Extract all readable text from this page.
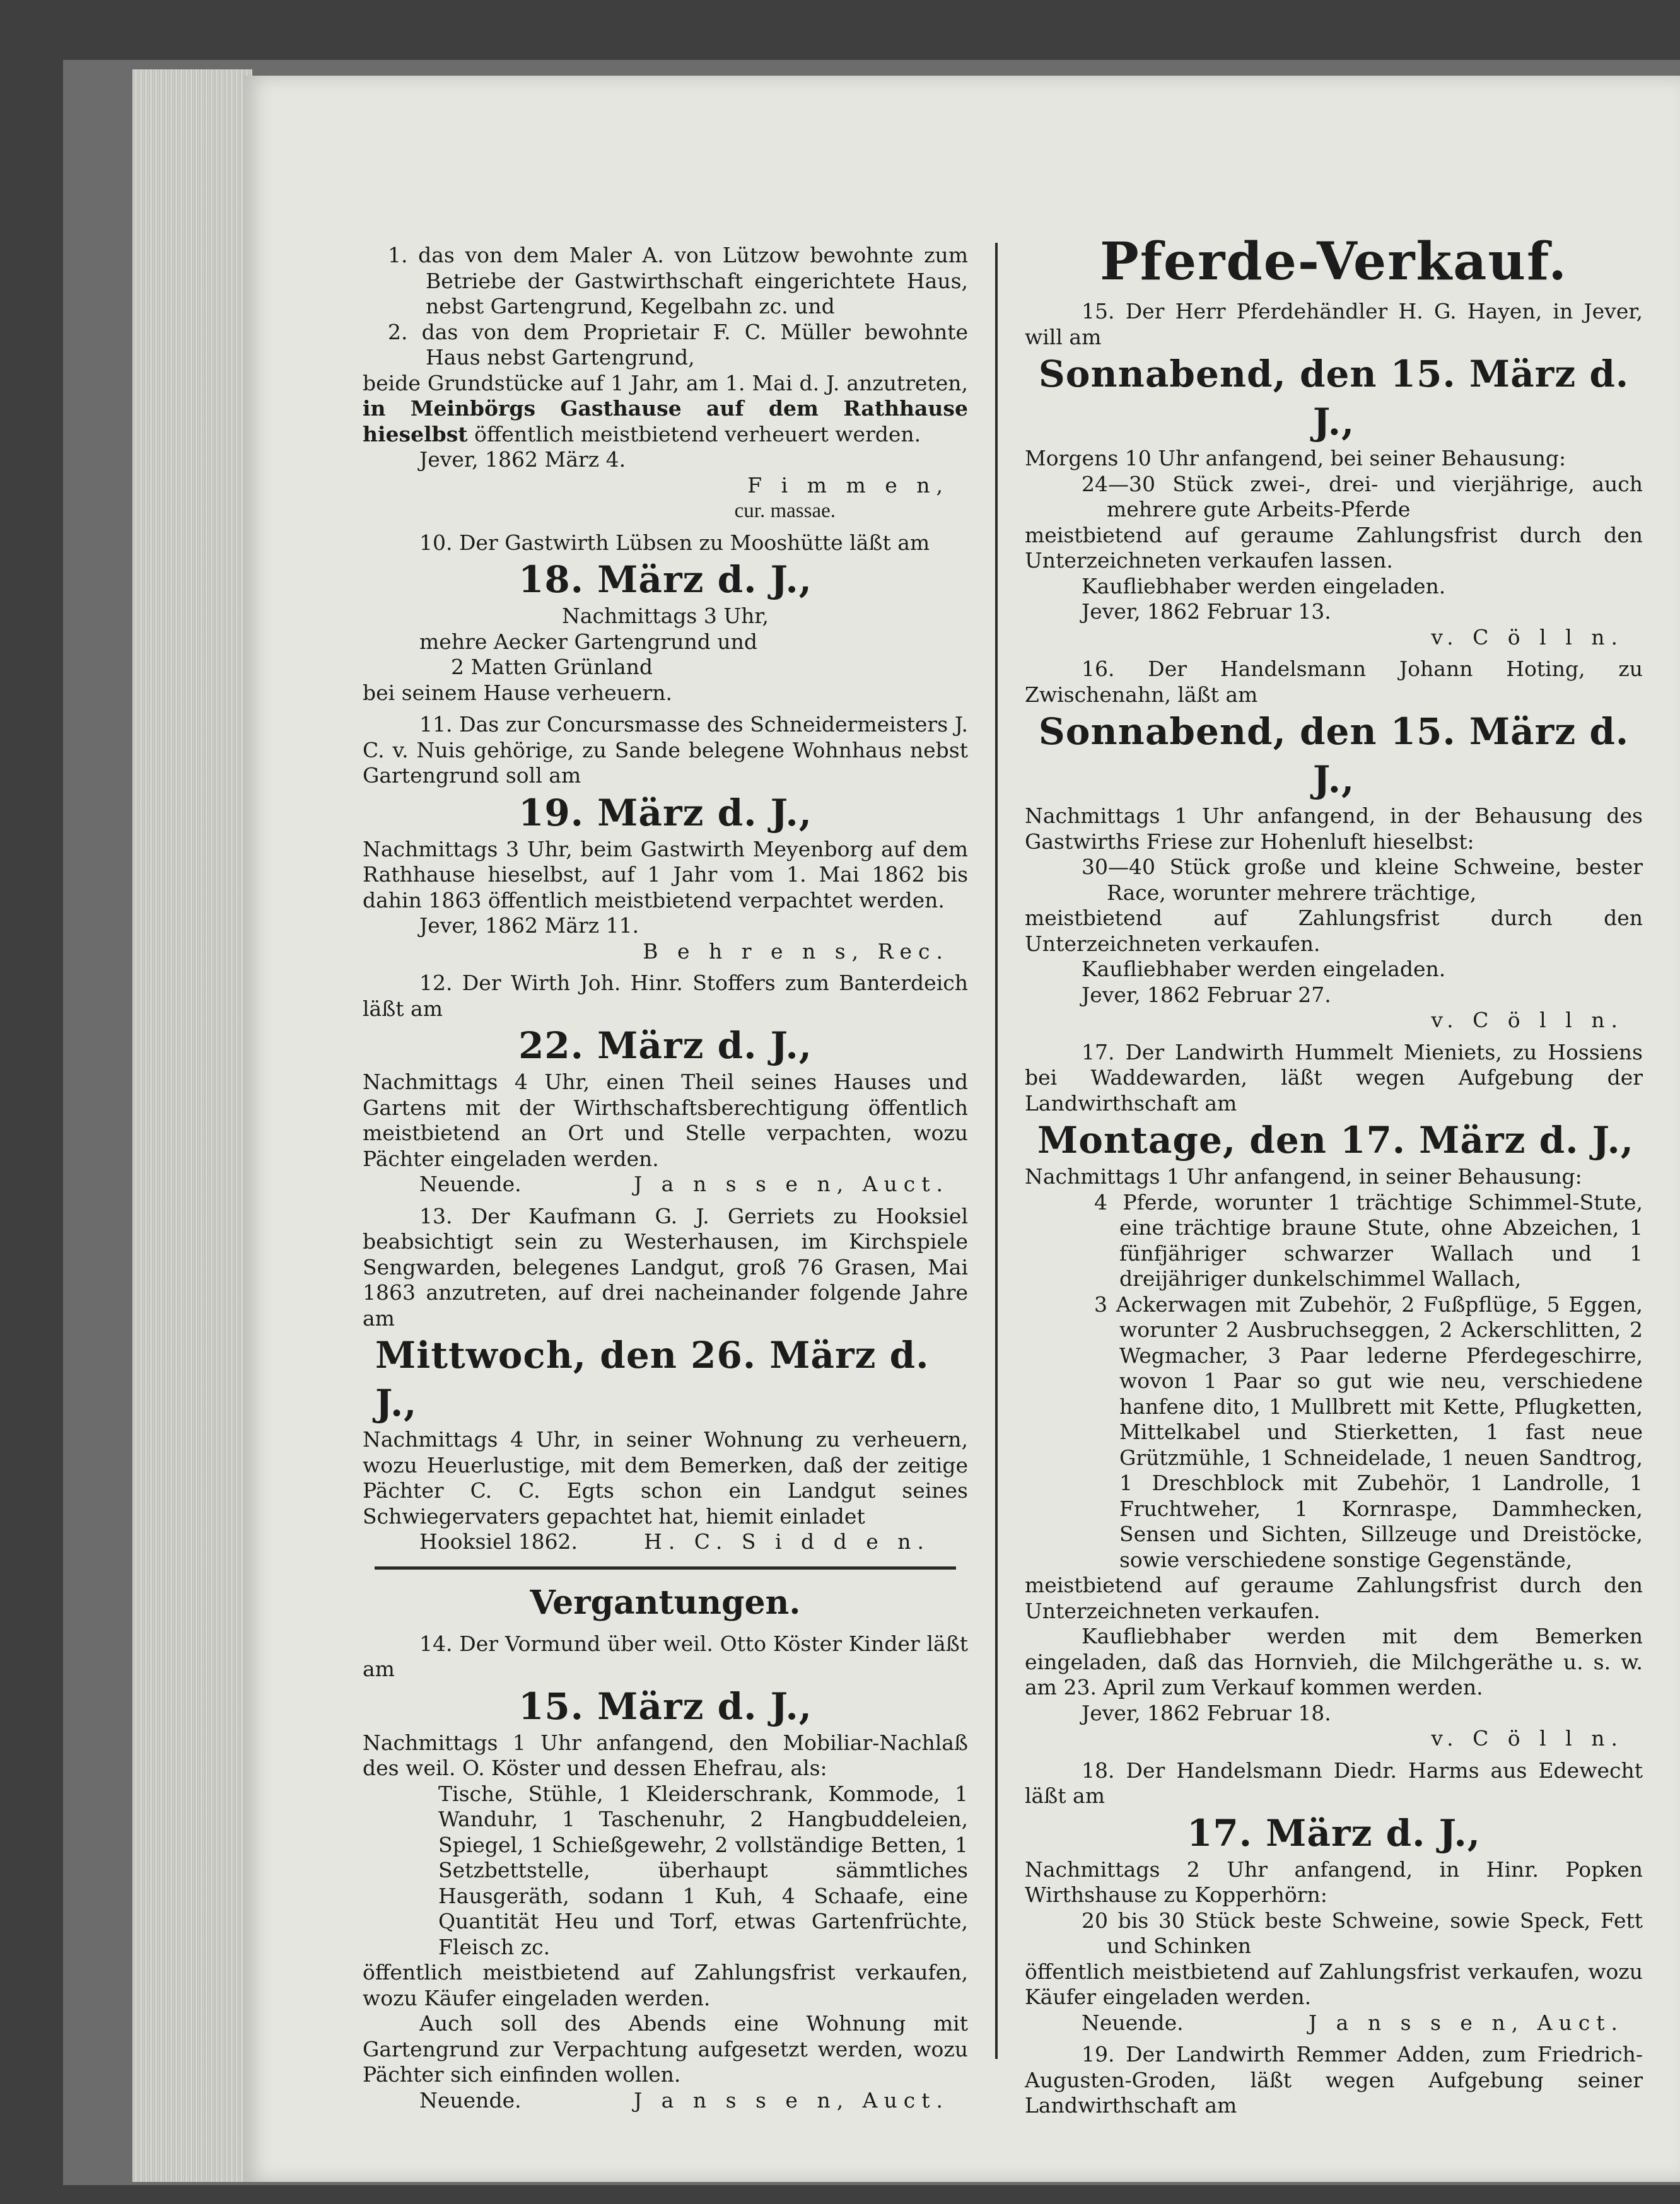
1. das von dem Maler A. von Lützow bewohnte zum Betriebe der Gastwirthschaft eingerichtete Haus, nebst Gartengrund, Kegelbahn zc. und

2. das von dem Proprietair F. C. Müller bewohnte Haus nebst Gartengrund,

beide Grundstücke auf 1 Jahr, am 1. Mai d. J. anzutreten, in Meinbörgs Gasthause auf dem Rathhause hieselbst öffentlich meistbietend verheuert werden.

Jever, 1862 März 4.

F i m m e n,

cur. massae.

10. Der Gastwirth Lübsen zu Mooshütte läßt am

18. März d. J.,

Nachmittags 3 Uhr,

mehre Aecker Gartengrund und

2 Matten Grünland

bei seinem Hause verheuern.

11. Das zur Concursmasse des Schneidermeisters J. C. v. Nuis gehörige, zu Sande belegene Wohnhaus nebst Gartengrund soll am

19. März d. J.,

Nachmittags 3 Uhr, beim Gastwirth Meyenborg auf dem Rathhause hieselbst, auf 1 Jahr vom 1. Mai 1862 bis dahin 1863 öffentlich meistbietend verpachtet werden.

Jever, 1862 März 11.

B e h r e n s, Rec.

12. Der Wirth Joh. Hinr. Stoffers zum Banterdeich läßt am

22. März d. J.,

Nachmittags 4 Uhr, einen Theil seines Hauses und Gartens mit der Wirthschaftsberechtigung öffentlich meistbietend an Ort und Stelle verpachten, wozu Pächter eingeladen werden.

Neuende.	J a n s s e n, Auct.

13. Der Kaufmann G. J. Gerriets zu Hooksiel beabsichtigt sein zu Westerhausen, im Kirchspiele Sengwarden, belegenes Landgut, groß 76 Grasen, Mai 1863 anzutreten, auf drei nacheinander folgende Jahre am

Mittwoch, den 26. März d. J.,

Nachmittags 4 Uhr, in seiner Wohnung zu verheuern, wozu Heuerlustige, mit dem Bemerken, daß der zeitige Pächter C. C. Egts schon ein Landgut seines Schwiegervaters gepachtet hat, hiemit einladet

Hooksiel 1862.	H. C. S i d d e n.

Vergantungen.

14. Der Vormund über weil. Otto Köster Kinder läßt am

15. März d. J.,

Nachmittags 1 Uhr anfangend, den Mobiliar-Nachlaß des weil. O. Köster und dessen Ehefrau, als:

Tische, Stühle, 1 Kleiderschrank, Kommode, 1 Wanduhr, 1 Taschenuhr, 2 Hangbuddeleien, Spiegel, 1 Schießgewehr, 2 vollständige Betten, 1 Setzbettstelle, überhaupt sämmtliches Hausgeräth, sodann 1 Kuh, 4 Schaafe, eine Quantität Heu und Torf, etwas Gartenfrüchte, Fleisch zc.

öffentlich meistbietend auf Zahlungsfrist verkaufen, wozu Käufer eingeladen werden.

Auch soll des Abends eine Wohnung mit Gartengrund zur Verpachtung aufgesetzt werden, wozu Pächter sich einfinden wollen.

Neuende.	J a n s s e n, Auct.

Pferde-Verkauf.

15. Der Herr Pferdehändler H. G. Hayen, in Jever, will am

Sonnabend, den 15. März d. J.,

Morgens 10 Uhr anfangend, bei seiner Behausung:

24—30 Stück zwei-, drei- und vierjährige, auch mehrere gute Arbeits-Pferde

meistbietend auf geraume Zahlungsfrist durch den Unterzeichneten verkaufen lassen.

Kaufliebhaber werden eingeladen.

Jever, 1862 Februar 13.

v. C ö l l n.

16. Der Handelsmann Johann Hoting, zu Zwischenahn, läßt am

Sonnabend, den 15. März d. J.,

Nachmittags 1 Uhr anfangend, in der Behausung des Gastwirths Friese zur Hohenluft hieselbst:

30—40 Stück große und kleine Schweine, bester Race, worunter mehrere trächtige,

meistbietend auf Zahlungsfrist durch den Unterzeichneten verkaufen.

Kaufliebhaber werden eingeladen.

Jever, 1862 Februar 27.

v. C ö l l n.

17. Der Landwirth Hummelt Mieniets, zu Hossiens bei Waddewarden, läßt wegen Aufgebung der Landwirthschaft am

Montage, den 17. März d. J.,

Nachmittags 1 Uhr anfangend, in seiner Behausung:

4 Pferde, worunter 1 trächtige Schimmel-Stute, eine trächtige braune Stute, ohne Abzeichen, 1 fünfjähriger schwarzer Wallach und 1 dreijähriger dunkelschimmel Wallach,

3 Ackerwagen mit Zubehör, 2 Fußpflüge, 5 Eggen, worunter 2 Ausbruchseggen, 2 Ackerschlitten, 2 Wegmacher, 3 Paar lederne Pferdegeschirre, wovon 1 Paar so gut wie neu, verschiedene hanfene dito, 1 Mullbrett mit Kette, Pflugketten, Mittelkabel und Stierketten, 1 fast neue Grützmühle, 1 Schneidelade, 1 neuen Sandtrog, 1 Dreschblock mit Zubehör, 1 Landrolle, 1 Fruchtweher, 1 Kornraspe, Dammhecken, Sensen und Sichten, Sillzeuge und Dreistöcke, sowie verschiedene sonstige Gegenstände,

meistbietend auf geraume Zahlungsfrist durch den Unterzeichneten verkaufen.

Kaufliebhaber werden mit dem Bemerken eingeladen, daß das Hornvieh, die Milchgeräthe u. s. w. am 23. April zum Verkauf kommen werden.

Jever, 1862 Februar 18.

v. C ö l l n.

18. Der Handelsmann Diedr. Harms aus Edewecht läßt am

17. März d. J.,

Nachmittags 2 Uhr anfangend, in Hinr. Popken Wirthshause zu Kopperhörn:

20 bis 30 Stück beste Schweine, sowie Speck, Fett und Schinken

öffentlich meistbietend auf Zahlungsfrist verkaufen, wozu Käufer eingeladen werden.

Neuende.	J a n s s e n, Auct.

19. Der Landwirth Remmer Adden, zum Friedrich-Augusten-Groden, läßt wegen Aufgebung seiner Landwirthschaft am
